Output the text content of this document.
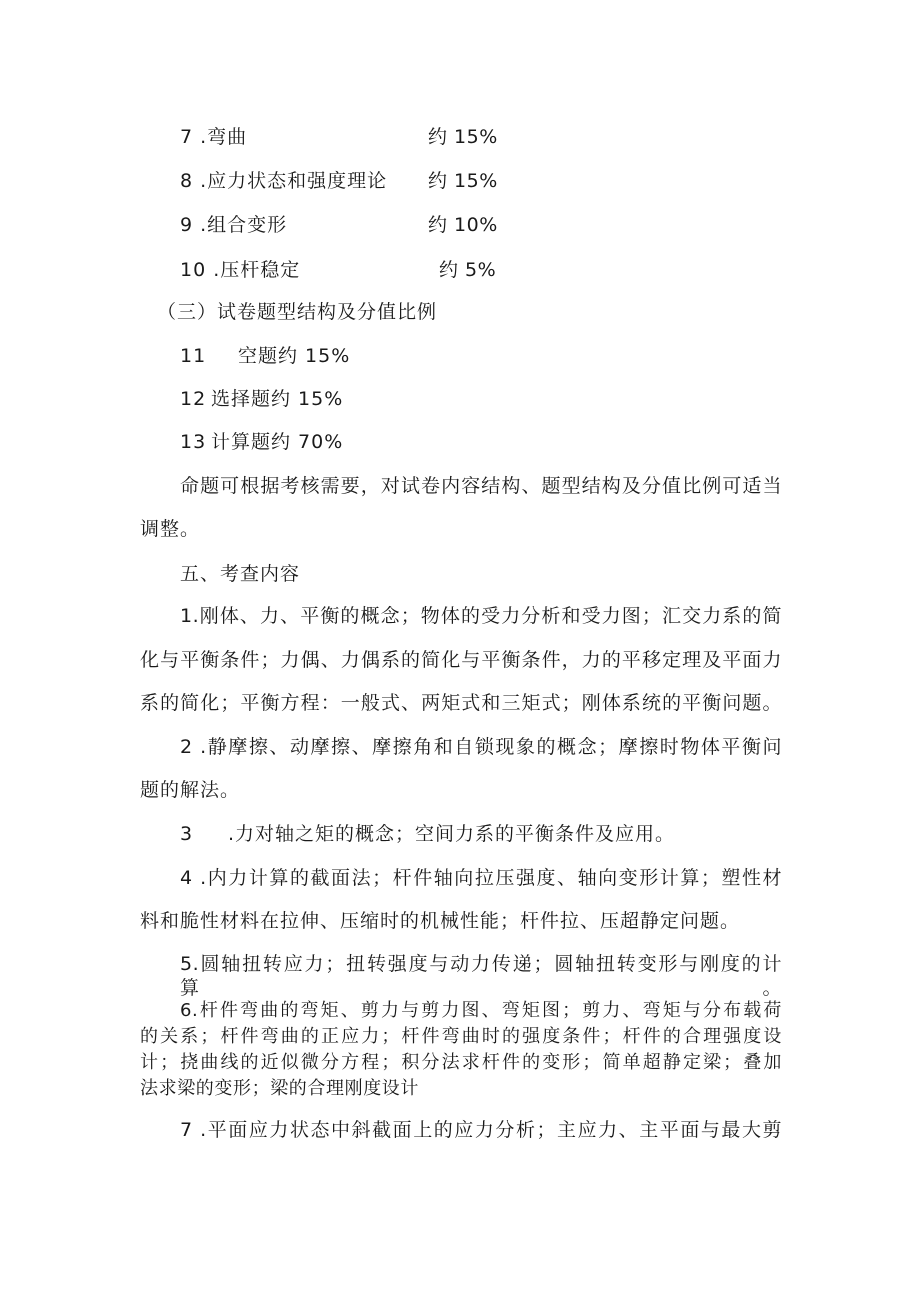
7 .弯曲	约 15%
8 .应力状态和强度理论 约 15%
9 .组合变形	约 10%
10 .压杆稳定	约 5%
（三）试卷题型结构及分值比例
11 空题约 15%
12 选择题约 15%
13 计算题约 70%
命题可根据考核需要，对试卷内容结构、题型结构及分值比例可适当
调整。
五、考查内容
1.刚体、力、平衡的概念；物体的受力分析和受力图；汇交力系的简
化与平衡条件；力偶、力偶系的简化与平衡条件，力的平移定理及平面力
系的简化；平衡方程：一般式、两矩式和三矩式；刚体系统的平衡问题。
2 .静摩擦、动摩擦、摩擦角和自锁现象的概念；摩擦时物体平衡问
题的解法。
3 .力对轴之矩的概念；空间力系的平衡条件及应用。
4 .内力计算的截面法；杆件轴向拉压强度、轴向变形计算；塑性材
料和脆性材料在拉伸、压缩时的机械性能；杆件拉、压超静定问题。
5.圆轴扭转应力；扭转强度与动力传递；圆轴扭转变形与刚度的计算。
6.杆件弯曲的弯矩、剪力与剪力图、弯矩图；剪力、弯矩与分布载荷
的关系；杆件弯曲的正应力；杆件弯曲时的强度条件；杆件的合理强度设
计；挠曲线的近似微分方程；积分法求杆件的变形；简单超静定梁；叠加
法求梁的变形；梁的合理刚度设计
7 .平面应力状态中斜截面上的应力分析；主应力、主平面与最大剪
